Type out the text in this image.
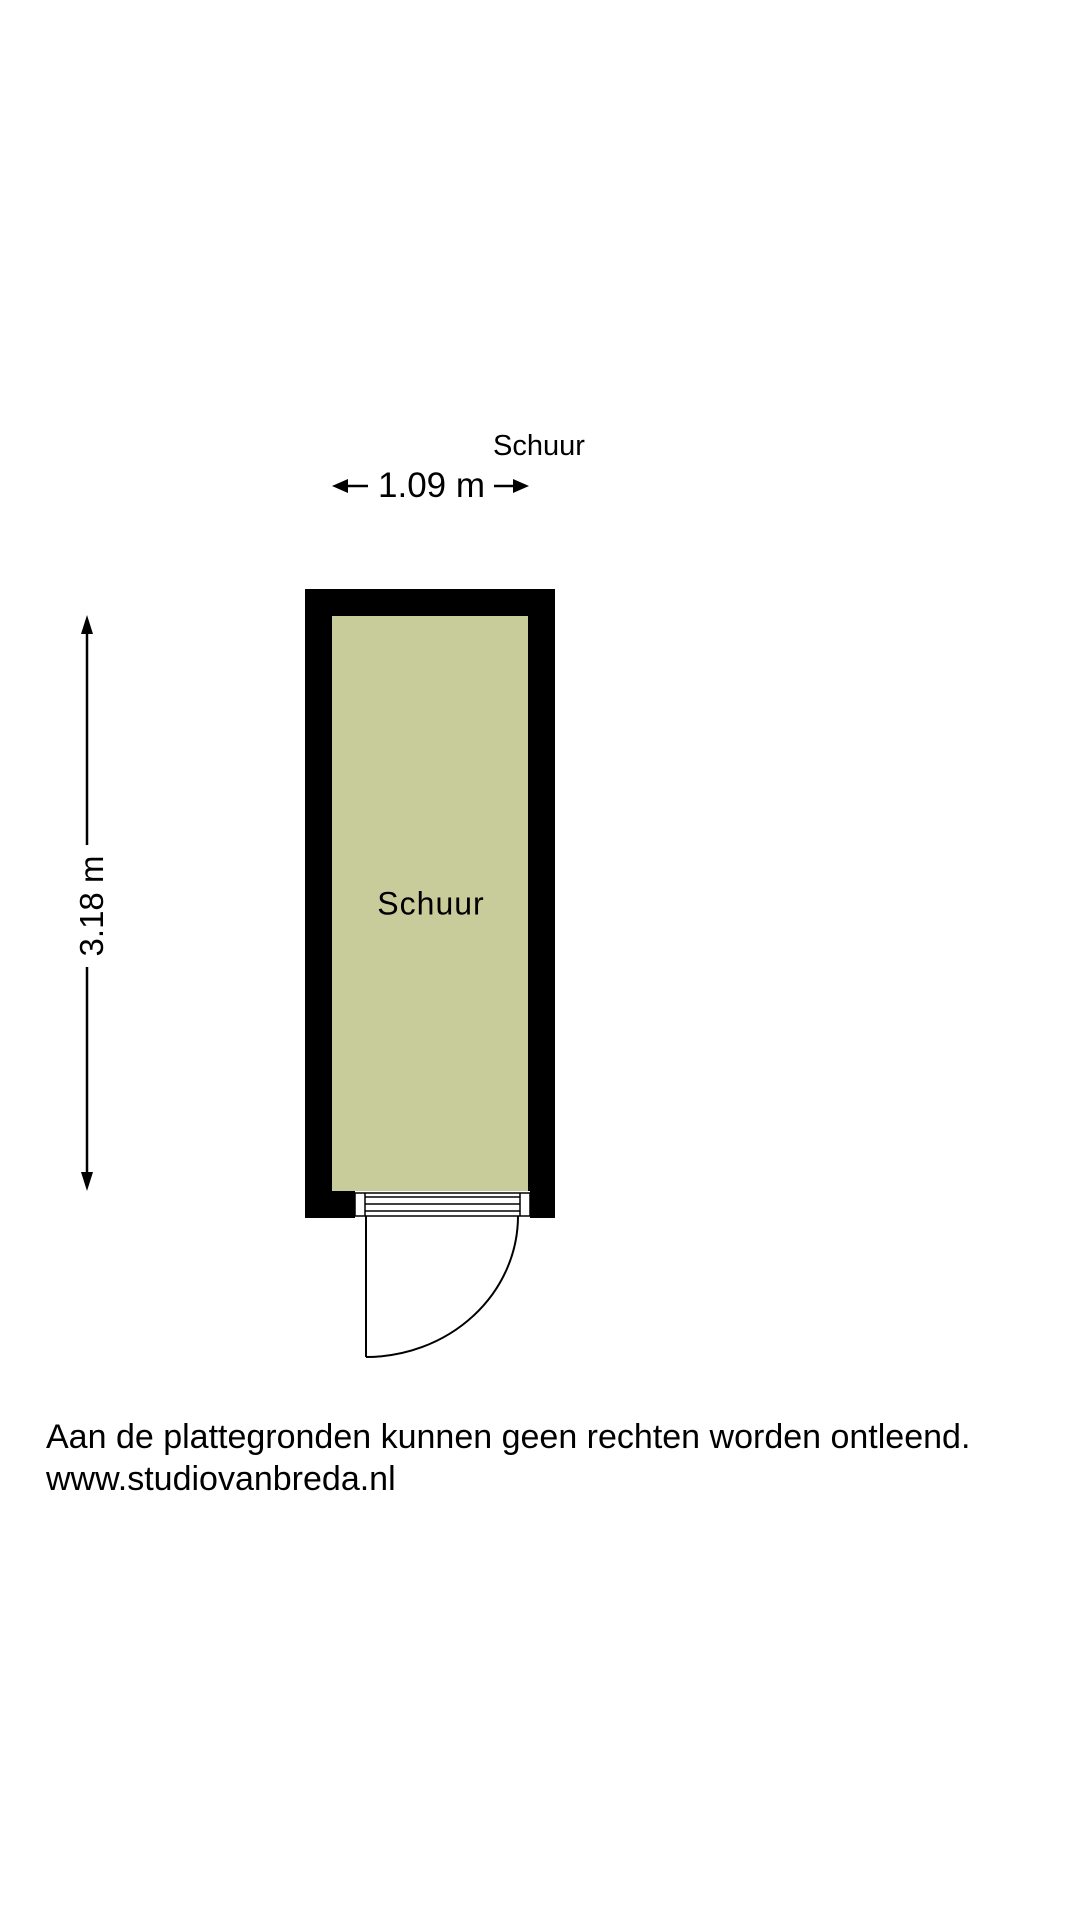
Schuur
1.09 m
3.18 m	Schuur
Aan de plattegronden kunnen geen rechten worden ontleend.
www.studiovanbreda.nl
